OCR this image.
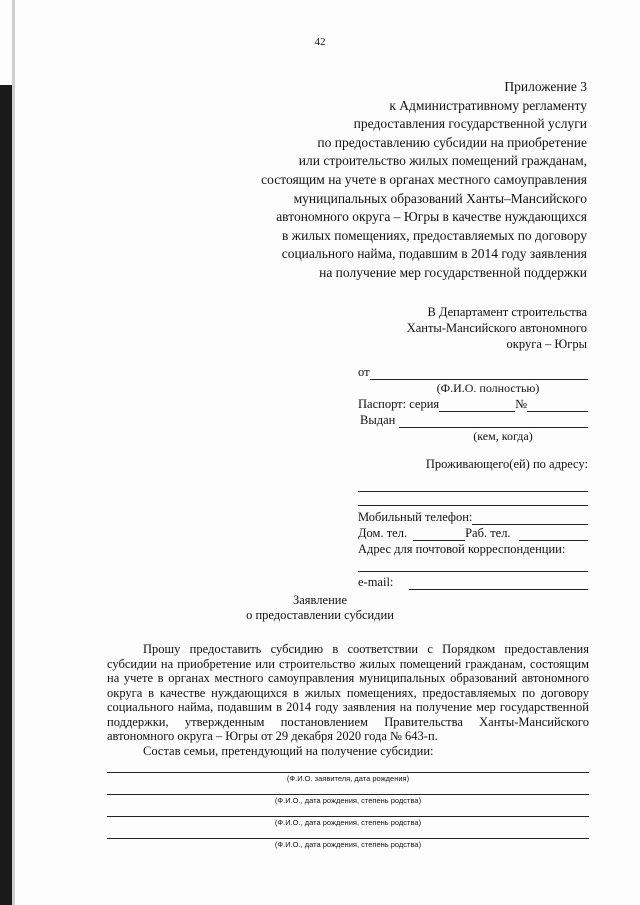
42
Приложение 3
к Административному регламенту
предоставления государственной услуги
по предоставлению субсидии на приобретение
или строительство жилых помещений гражданам,
состоящим на учете в органах местного самоуправления
муниципальных образований Ханты–Мансийского
автономного округа – Югры в качестве нуждающихся
в жилых помещениях, предоставляемых по договору
социального найма, подавшим в 2014 году заявления
на получение мер государственной поддержки
В Департамент строительства
Ханты-Мансийского автономного
округа – Югры
от
(Ф.И.О. полностью)
Паспорт: серия	№
Выдан
(кем, когда)
Проживающего(ей) по адресу:
Мобильный телефон:
Дом. тел.	Раб. тел.
Адрес для почтовой корреспонденции:
e-mail:
Заявление
о предоставлении субсидии

Прошу предоставить субсидию в соответствии с Порядком предоставления субсидии на приобретение или строительство жилых помещений гражданам, состоящим на учете в органах местного самоуправления муниципальных образований автономного округа в качестве нуждающихся в жилых помещениях, предоставляемых по договору социального найма, подавшим в 2014 году заявления на получение мер государственной поддержки, утвержденным постановлением Правительства Ханты-Мансийского автономного округа – Югры от 29 декабря 2020 года № 643-п.

Состав семьи, претендующий на получение субсидии:

(Ф.И.О. заявителя, дата рождения)
(Ф.И.О., дата рождения, степень родства)
(Ф.И.О., дата рождения, степень родства)
(Ф.И.О., дата рождения, степень родства)
